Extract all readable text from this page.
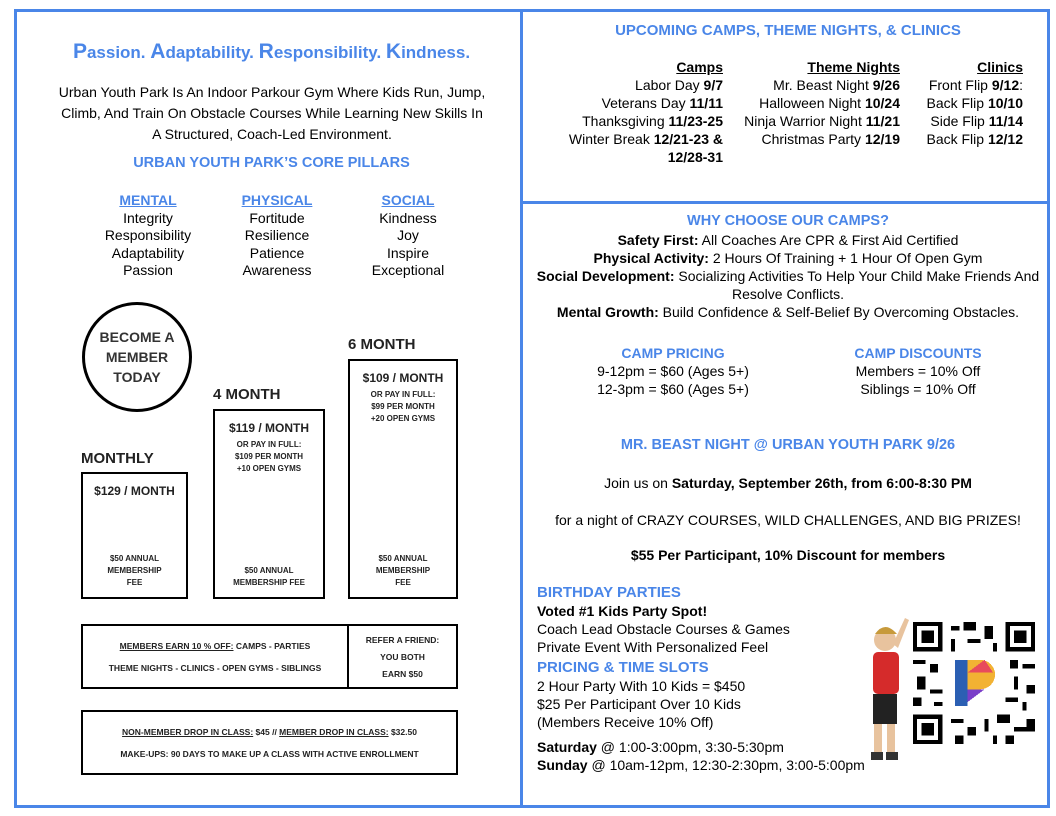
Passion. Adaptability. Responsibility. Kindness.
Urban Youth Park Is An Indoor Parkour Gym Where Kids Run, Jump, Climb, And Train On Obstacle Courses While Learning New Skills In A Structured, Coach-Led Environment.
URBAN YOUTH PARK’S CORE PILLARS
MENTAL
Integrity
Responsibility
Adaptability
Passion
PHYSICAL
Fortitude
Resilience
Patience
Awareness
SOCIAL
Kindness
Joy
Inspire
Exceptional
BECOME A MEMBER TODAY
MONTHLY
$129 / MONTH
$50 ANNUAL MEMBERSHIP FEE
4 MONTH
$119 / MONTH
OR PAY IN FULL: $109 PER MONTH +10 OPEN GYMS
$50 ANNUAL MEMBERSHIP FEE
6 MONTH
$109 / MONTH
OR PAY IN FULL: $99 PER MONTH +20 OPEN GYMS
$50 ANNUAL MEMBERSHIP FEE
MEMBERS EARN 10 % OFF: CAMPS - PARTIES
THEME NIGHTS - CLINICS - OPEN GYMS - SIBLINGS
REFER A FRIEND:
YOU BOTH
EARN $50
NON-MEMBER DROP IN CLASS: $45 // MEMBER DROP IN CLASS: $32.50
MAKE-UPS: 90 DAYS TO MAKE UP A CLASS WITH ACTIVE ENROLLMENT
UPCOMING CAMPS, THEME NIGHTS, & CLINICS
Camps
Labor Day 9/7
Veterans Day 11/11
Thanksgiving 11/23-25
Winter Break 12/21-23 &
12/28-31
Theme Nights
Mr. Beast Night 9/26
Halloween Night 10/24
Ninja Warrior Night 11/21
Christmas Party 12/19
Clinics
Front Flip 9/12:
Back Flip 10/10
Side Flip 11/14
Back Flip 12/12
WHY CHOOSE OUR CAMPS?
Safety First: All Coaches Are CPR & First Aid Certified
Physical Activity: 2 Hours Of Training + 1 Hour Of Open Gym
Social Development: Socializing Activities To Help Your Child Make Friends And Resolve Conflicts.
Mental Growth: Build Confidence & Self-Belief By Overcoming Obstacles.
CAMP PRICING
9-12pm = $60 (Ages 5+)
12-3pm = $60 (Ages 5+)
CAMP DISCOUNTS
Members = 10% Off
Siblings = 10% Off
MR. BEAST NIGHT @ URBAN YOUTH PARK 9/26
Join us on Saturday, September 26th, from 6:00-8:30 PM
for a night of CRAZY COURSES, WILD CHALLENGES, AND BIG PRIZES!
$55 Per Participant, 10% Discount for members
BIRTHDAY PARTIES
Voted #1 Kids Party Spot!
Coach Lead Obstacle Courses & Games
Private Event With Personalized Feel
PRICING & TIME SLOTS
2 Hour Party With 10 Kids = $450
$25 Per Participant Over 10 Kids
(Members Receive 10% Off)
Saturday @ 1:00-3:00pm, 3:30-5:30pm
Sunday @ 10am-12pm, 12:30-2:30pm, 3:00-5:00pm
